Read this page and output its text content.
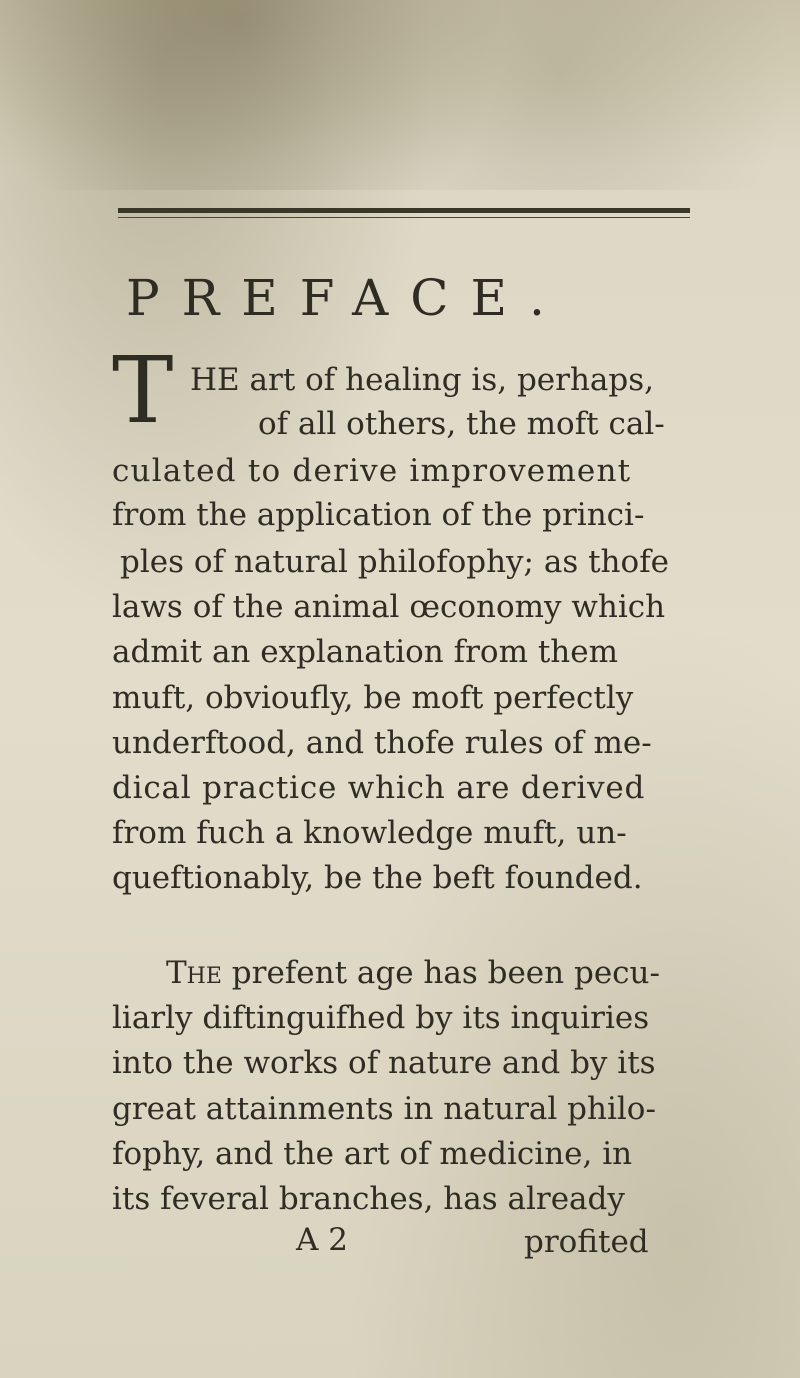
PREFACE.
T HE art of healing is, perhaps,
of all others, the moft cal-
culated to derive improvement
from the application of the princi-
ples of natural philofophy; as thofe
laws of the animal œconomy which
admit an explanation from them
muft, obvioufly, be moft perfectly
underftood, and thofe rules of me-
dical practice which are derived
from fuch a knowledge muft, un-
queftionably, be the beft founded.
The prefent age has been pecu-
liarly diftinguifhed by its inquiries
into the works of nature and by its
great attainments in natural philo-
fophy, and the art of medicine, in
its feveral branches, has already
A 2	profited
